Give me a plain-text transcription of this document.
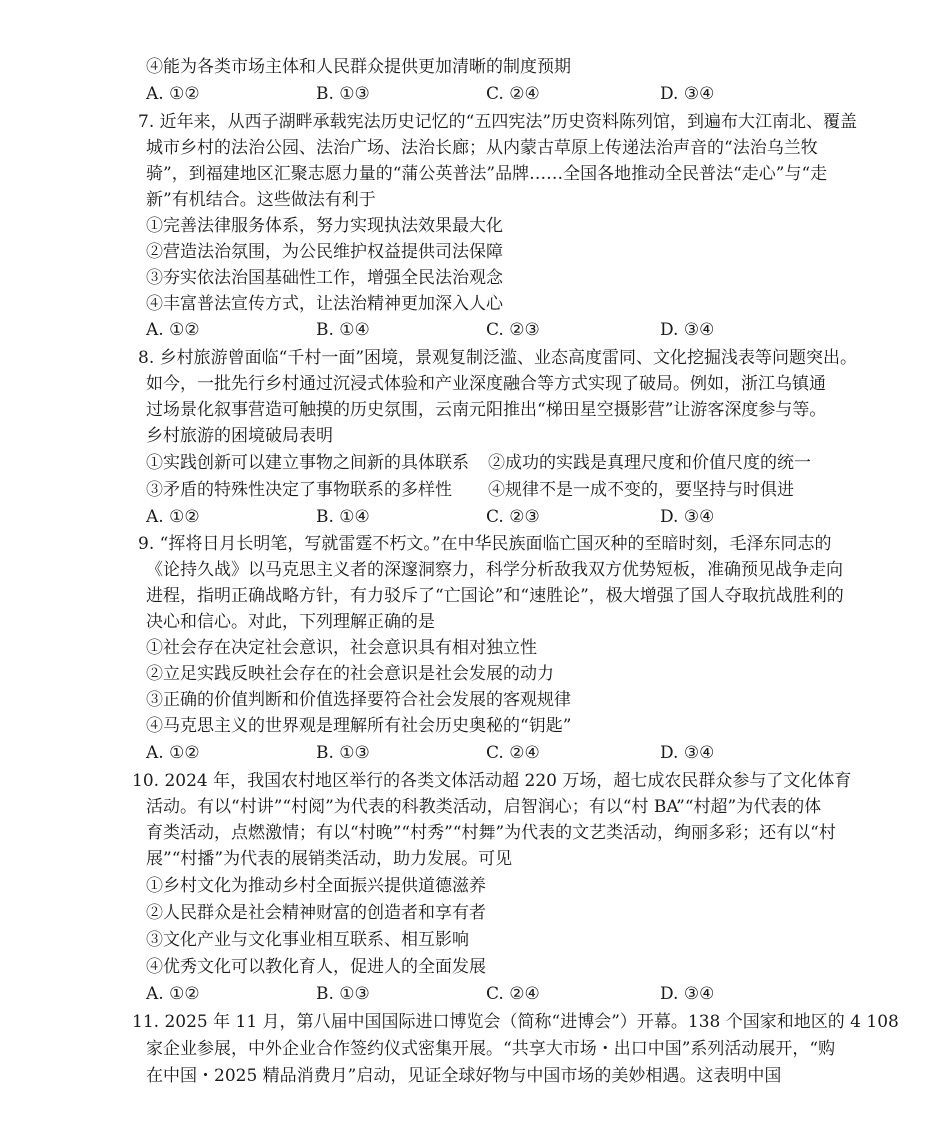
④能为各类市场主体和人民群众提供更加清晰的制度预期
A. ①②	B. ①③	C. ②④	D. ③④
7. 近年来，从西子湖畔承载宪法历史记忆的“五四宪法”历史资料陈列馆，到遍布大江南北、覆盖
城市乡村的法治公园、法治广场、法治长廊；从内蒙古草原上传递法治声音的“法治乌兰牧
骑”，到福建地区汇聚志愿力量的“蒲公英普法”品牌……全国各地推动全民普法“走心”与“走
新”有机结合。这些做法有利于
①完善法律服务体系，努力实现执法效果最大化
②营造法治氛围，为公民维护权益提供司法保障
③夯实依法治国基础性工作，增强全民法治观念
④丰富普法宣传方式，让法治精神更加深入人心
A. ①②	B. ①④	C. ②③	D. ③④
8. 乡村旅游曾面临“千村一面”困境，景观复制泛滥、业态高度雷同、文化挖掘浅表等问题突出。
如今，一批先行乡村通过沉浸式体验和产业深度融合等方式实现了破局。例如，浙江乌镇通
过场景化叙事营造可触摸的历史氛围，云南元阳推出“梯田星空摄影营”让游客深度参与等。
乡村旅游的困境破局表明
①实践创新可以建立事物之间新的具体联系 ②成功的实践是真理尺度和价值尺度的统一
③矛盾的特殊性决定了事物联系的多样性 ④规律不是一成不变的，要坚持与时俱进
A. ①②	B. ①④	C. ②③	D. ③④
9. “挥将日月长明笔，写就雷霆不朽文。”在中华民族面临亡国灭种的至暗时刻，毛泽东同志的
《论持久战》以马克思主义者的深邃洞察力，科学分析敌我双方优势短板，准确预见战争走向
进程，指明正确战略方针，有力驳斥了“亡国论”和“速胜论”，极大增强了国人夺取抗战胜利的
决心和信心。对此，下列理解正确的是
①社会存在决定社会意识，社会意识具有相对独立性
②立足实践反映社会存在的社会意识是社会发展的动力
③正确的价值判断和价值选择要符合社会发展的客观规律
④马克思主义的世界观是理解所有社会历史奥秘的“钥匙”
A. ①②	B. ①③	C. ②④	D. ③④
10. 2024 年，我国农村地区举行的各类文体活动超 220 万场，超七成农民群众参与了文化体育
活动。有以“村讲”“村阅”为代表的科教类活动，启智润心；有以“村 BA”“村超”为代表的体
育类活动，点燃激情；有以“村晚”“村秀”“村舞”为代表的文艺类活动，绚丽多彩；还有以“村
展”“村播”为代表的展销类活动，助力发展。可见
①乡村文化为推动乡村全面振兴提供道德滋养
②人民群众是社会精神财富的创造者和享有者
③文化产业与文化事业相互联系、相互影响
④优秀文化可以教化育人，促进人的全面发展
A. ①②	B. ①③	C. ②④	D. ③④
11. 2025 年 11 月，第八届中国国际进口博览会（简称“进博会”）开幕。138 个国家和地区的 4 108
家企业参展，中外企业合作签约仪式密集开展。“共享大市场・出口中国”系列活动展开，“购
在中国・2025 精品消费月”启动，见证全球好物与中国市场的美妙相遇。这表明中国
